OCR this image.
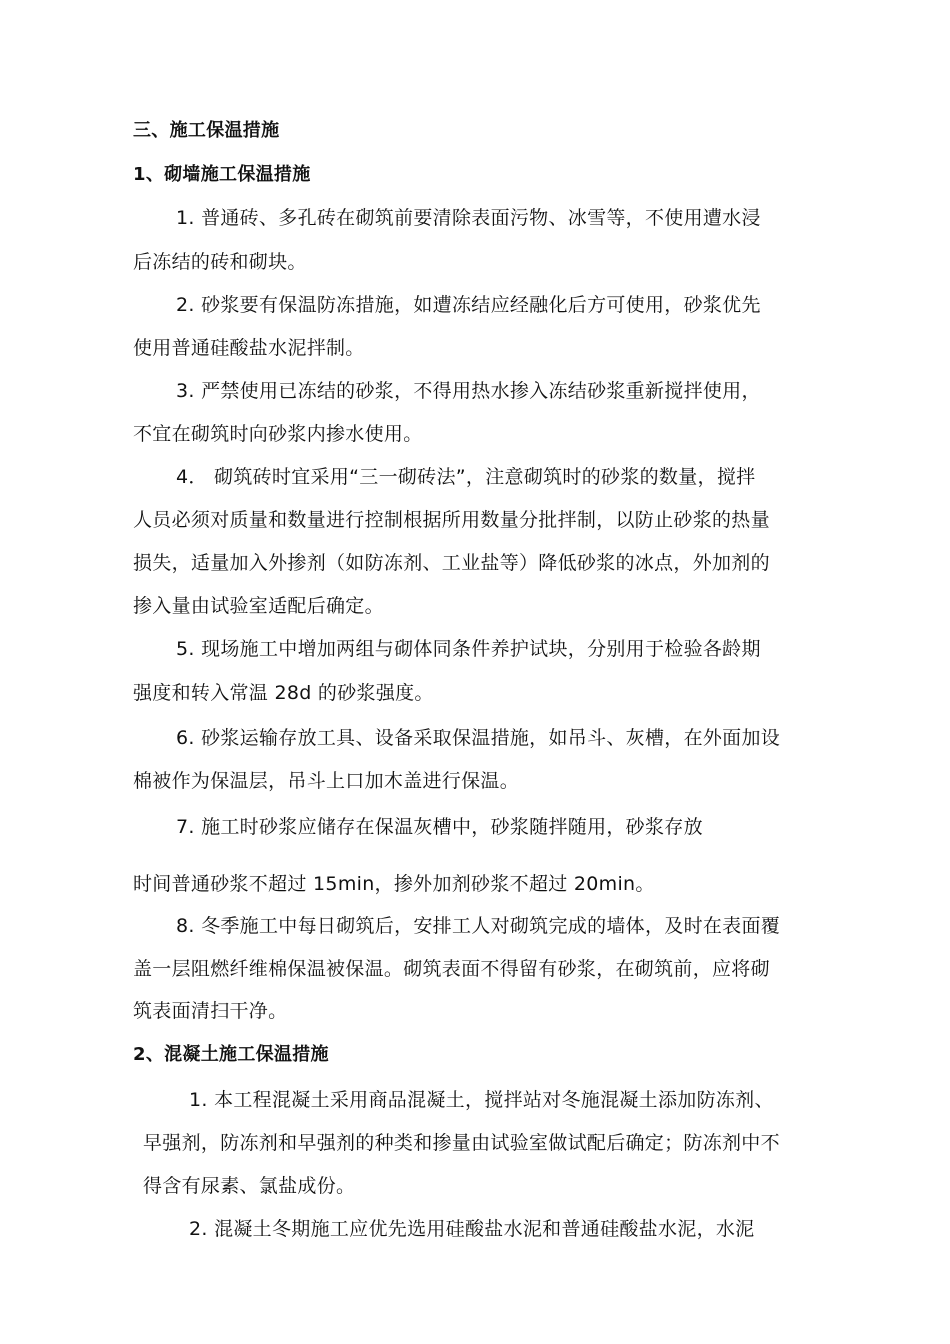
三、施工保温措施
1、砌墙施工保温措施
1. 普通砖、多孔砖在砌筑前要清除表面污物、冰雪等，不使用遭水浸
后冻结的砖和砌块。
2. 砂浆要有保温防冻措施，如遭冻结应经融化后方可使用，砂浆优先
使用普通硅酸盐水泥拌制。
3. 严禁使用已冻结的砂浆，不得用热水掺入冻结砂浆重新搅拌使用，
不宜在砌筑时向砂浆内掺水使用。
4． 砌筑砖时宜采用“三一砌砖法”，注意砌筑时的砂浆的数量，搅拌
人员必须对质量和数量进行控制根据所用数量分批拌制，以防止砂浆的热量
损失，适量加入外掺剂（如防冻剂、工业盐等）降低砂浆的冰点，外加剂的
掺入量由试验室适配后确定。
5. 现场施工中增加两组与砌体同条件养护试块，分别用于检验各龄期
强度和转入常温 28d 的砂浆强度。
6. 砂浆运输存放工具、设备采取保温措施，如吊斗、灰槽，在外面加设
棉被作为保温层，吊斗上口加木盖进行保温。
7. 施工时砂浆应储存在保温灰槽中，砂浆随拌随用，砂浆存放
时间普通砂浆不超过 15min，掺外加剂砂浆不超过 20min。
8. 冬季施工中每日砌筑后，安排工人对砌筑完成的墙体，及时在表面覆
盖一层阻燃纤维棉保温被保温。砌筑表面不得留有砂浆，在砌筑前，应将砌
筑表面清扫干净。
2、混凝土施工保温措施
1. 本工程混凝土采用商品混凝土，搅拌站对冬施混凝土添加防冻剂、
早强剂，防冻剂和早强剂的种类和掺量由试验室做试配后确定；防冻剂中不
得含有尿素、氯盐成份。
2. 混凝土冬期施工应优先选用硅酸盐水泥和普通硅酸盐水泥，水泥
